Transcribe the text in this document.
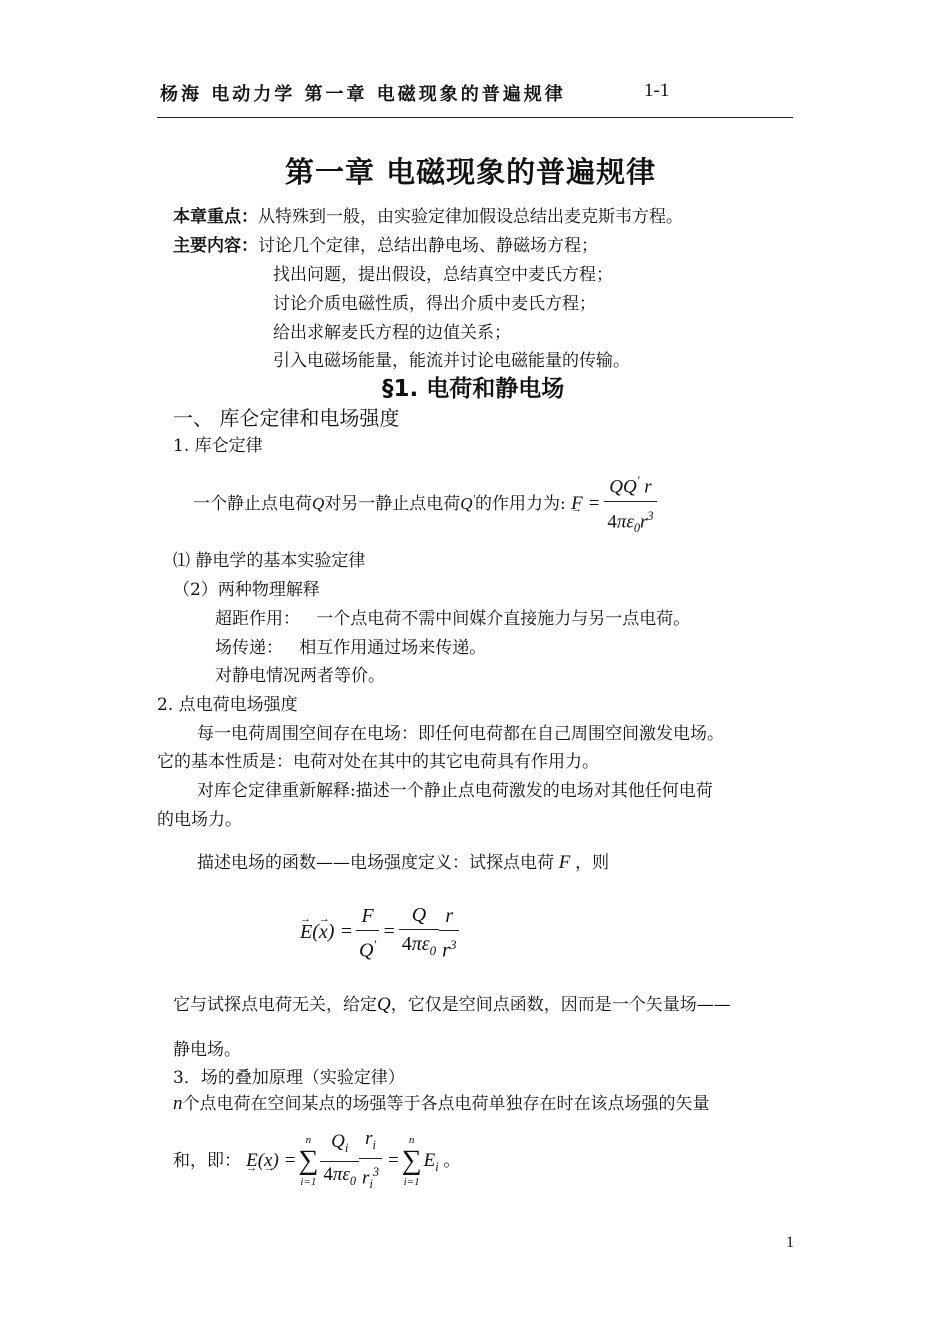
杨海 电动力学 第一章 电磁现象的普遍规律	1-1
第一章 电磁现象的普遍规律
本章重点：从特殊到一般，由实验定律加假设总结出麦克斯韦方程。
主要内容：讨论几个定律，总结出静电场、静磁场方程；
找出问题，提出假设，总结真空中麦氏方程；
讨论介质电磁性质，得出介质中麦氏方程；
给出求解麦氏方程的边值关系；
引入电磁场能量，能流并讨论电磁能量的传输。
§1. 电荷和静电场
一、 库仑定律和电场强度
1. 库仑定律
一个静止点电荷Q对另一静止点电荷Q′的作用力为: → $F = \frac{QQ' r}{4\pi\varepsilon_0r^3}$
⑴ 静电学的基本实验定律
（2）两种物理解释
超距作用： 一个点电荷不需中间媒介直接施力与另一点电荷。
场传递： 相互作用通过场来传递。
对静电情况两者等价。
2. 点电荷电场强度
每一电荷周围空间存在电场：即任何电荷都在自己周围空间激发电场。
它的基本性质是：电荷对处在其中的其它电荷具有作用力。
对库仑定律重新解释:描述一个静止点电荷激发的电场对其他任何电荷
的电场力。
描述电场的函数——电场强度定义：试探点电荷 F ，则
→ $E(\to x) = \frac{F}{Q'} = \frac{Q}{4\pi\varepsilon_0} \frac{r}{r^3}$
它与试探点电荷无关，给定Q，它仅是空间点函数，因而是一个矢量场——
静电场。
3．场的叠加原理（实验定律）
n个点电荷在空间某点的场强等于各点电荷单独存在时在该点场强的矢量
和，即： → E(→ x) =
n
∑
$i=1 \frac{Q_i}{4\pi\varepsilon_0} \frac{r_i}{r_i^3}$ =
n
∑
i=1
$E_i$ 。
1
